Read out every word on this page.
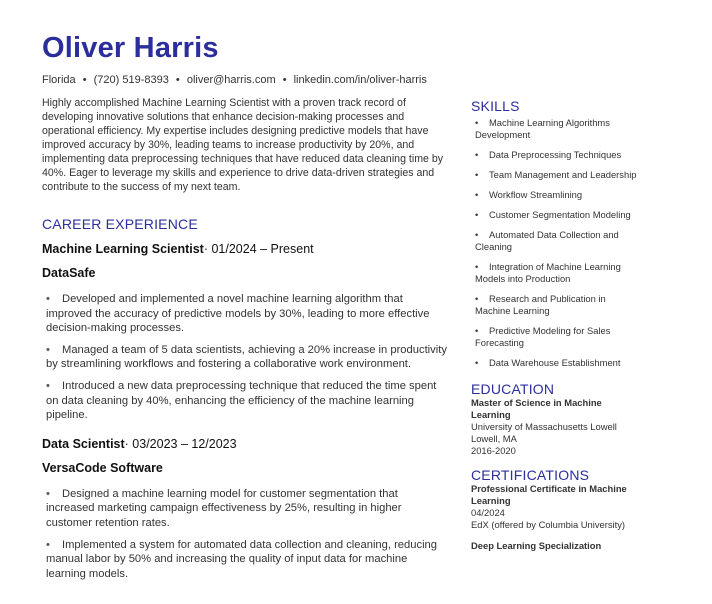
Oliver Harris
Florida • (720) 519-8393 • oliver@harris.com • linkedin.com/in/oliver-harris

Highly accomplished Machine Learning Scientist with a proven track record of developing innovative solutions that enhance decision-making processes and operational efficiency. My expertise includes designing predictive models that have improved accuracy by 30%, leading teams to increase productivity by 20%, and implementing data preprocessing techniques that have reduced data cleaning time by 40%. Eager to leverage my skills and experience to drive data-driven strategies and contribute to the success of my next team.

CAREER EXPERIENCE
Machine Learning Scientist· 01/2024 – Present
DataSafe
• Developed and implemented a novel machine learning algorithm that improved the accuracy of predictive models by 30%, leading to more effective decision-making processes.
• Managed a team of 5 data scientists, achieving a 20% increase in productivity by streamlining workflows and fostering a collaborative work environment.
• Introduced a new data preprocessing technique that reduced the time spent on data cleaning by 40%, enhancing the efficiency of the machine learning pipeline.
Data Scientist· 03/2023 – 12/2023
VersaCode Software
• Designed a machine learning model for customer segmentation that increased marketing campaign effectiveness by 25%, resulting in higher customer retention rates.
• Implemented a system for automated data collection and cleaning, reducing manual labor by 50% and increasing the quality of input data for machine learning models.
SKILLS
• Machine Learning Algorithms Development
• Data Preprocessing Techniques
• Team Management and Leadership
• Workflow Streamlining
• Customer Segmentation Modeling
• Automated Data Collection and Cleaning
• Integration of Machine Learning Models into Production
• Research and Publication in Machine Learning
• Predictive Modeling for Sales Forecasting
• Data Warehouse Establishment
EDUCATION
Master of Science in Machine Learning
University of Massachusetts Lowell
Lowell, MA
2016-2020
CERTIFICATIONS
Professional Certificate in Machine Learning
04/2024
EdX (offered by Columbia University)
Deep Learning Specialization
